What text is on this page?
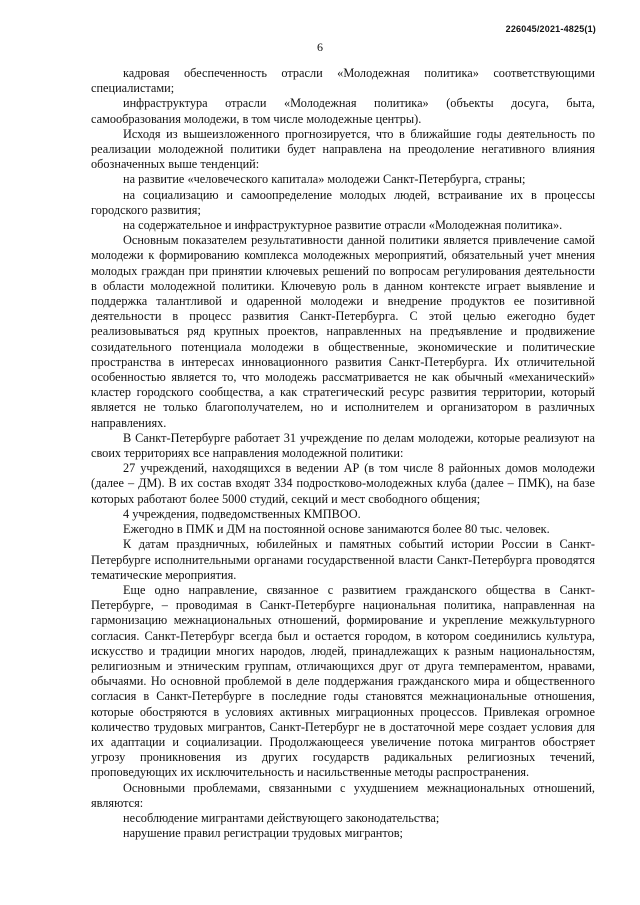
226045/2021-4825(1)
6

кадровая обеспеченность отрасли «Молодежная политика» соответствующими специалистами;

инфраструктура отрасли «Молодежная политика» (объекты досуга, быта, самообразования молодежи, в том числе молодежные центры).

Исходя из вышеизложенного прогнозируется, что в ближайшие годы деятельность по реализации молодежной политики будет направлена на преодоление негативного влияния обозначенных выше тенденций:

на развитие «человеческого капитала» молодежи Санкт-Петербурга, страны;

на социализацию и самоопределение молодых людей, встраивание их в процессы городского развития;

на содержательное и инфраструктурное развитие отрасли «Молодежная политика».

Основным показателем результативности данной политики является привлечение самой молодежи к формированию комплекса молодежных мероприятий, обязательный учет мнения молодых граждан при принятии ключевых решений по вопросам регулирования деятельности в области молодежной политики. Ключевую роль в данном контексте играет выявление и поддержка талантливой и одаренной молодежи и внедрение продуктов ее позитивной деятельности в процесс развития Санкт-Петербурга. С этой целью ежегодно будет реализовываться ряд крупных проектов, направленных на предъявление и продвижение созидательного потенциала молодежи в общественные, экономические и политические пространства в интересах инновационного развития Санкт-Петербурга. Их отличительной особенностью является то, что молодежь рассматривается не как обычный «механический» кластер городского сообщества, а как стратегический ресурс развития территории, который является не только благополучателем, но и исполнителем и организатором в различных направлениях.

В Санкт-Петербурге работает 31 учреждение по делам молодежи, которые реализуют на своих территориях все направления молодежной политики:

27 учреждений, находящихся в ведении АР (в том числе 8 районных домов молодежи (далее – ДМ). В их состав входят 334 подростково-молодежных клуба (далее – ПМК), на базе которых работают более 5000 студий, секций и мест свободного общения;

4 учреждения, подведомственных КМПВОО.

Ежегодно в ПМК и ДМ на постоянной основе занимаются более 80 тыс. человек.

К датам праздничных, юбилейных и памятных событий истории России в Санкт-Петербурге исполнительными органами государственной власти Санкт-Петербурга проводятся тематические мероприятия.

Еще одно направление, связанное с развитием гражданского общества в Санкт-Петербурге, – проводимая в Санкт-Петербурге национальная политика, направленная на гармонизацию межнациональных отношений, формирование и укрепление межкультурного согласия. Санкт-Петербург всегда был и остается городом, в котором соединились культура, искусство и традиции многих народов, людей, принадлежащих к разным национальностям, религиозным и этническим группам, отличающихся друг от друга темпераментом, нравами, обычаями. Но основной проблемой в деле поддержания гражданского мира и общественного согласия в Санкт-Петербурге в последние годы становятся межнациональные отношения, которые обостряются в условиях активных миграционных процессов. Привлекая огромное количество трудовых мигрантов, Санкт-Петербург не в достаточной мере создает условия для их адаптации и социализации. Продолжающееся увеличение потока мигрантов обостряет угрозу проникновения из других государств радикальных религиозных течений, проповедующих их исключительность и насильственные методы распространения.

Основными проблемами, связанными с ухудшением межнациональных отношений, являются:

несоблюдение мигрантами действующего законодательства;

нарушение правил регистрации трудовых мигрантов;
